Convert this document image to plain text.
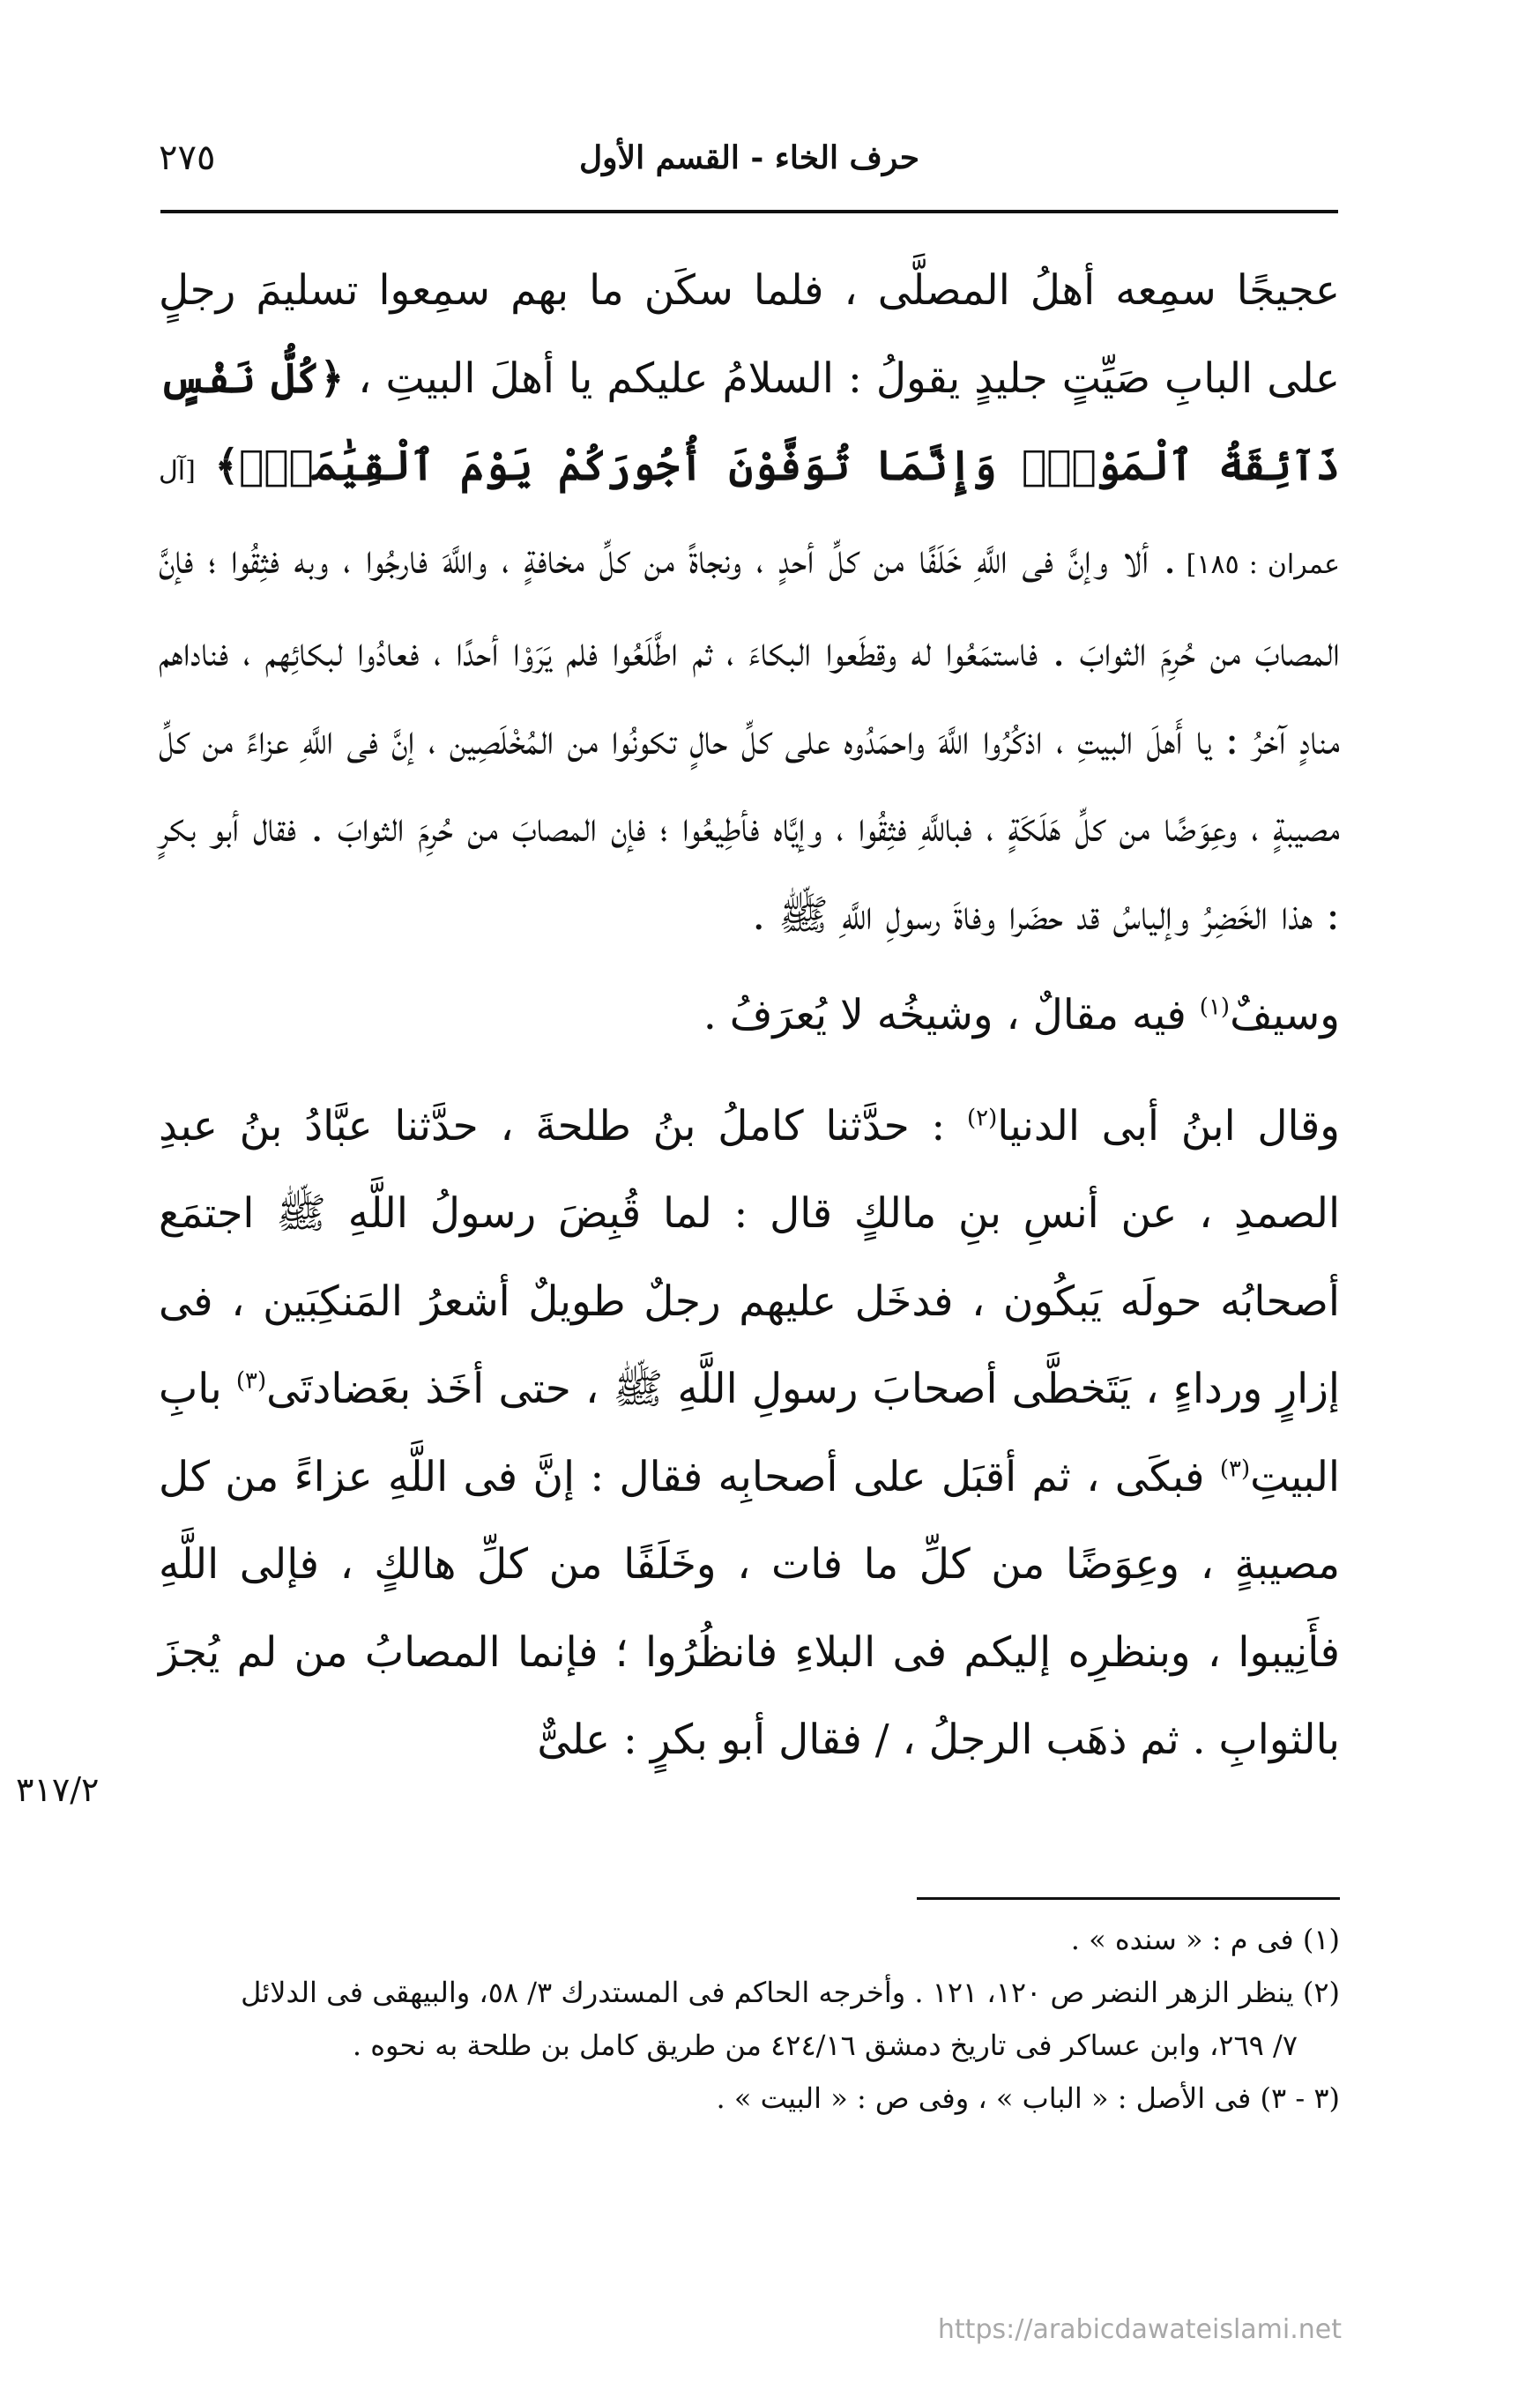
٢٧٥	حرف الخاء - القسم الأول

عجيجًا سمِعه أهلُ المصلَّى ، فلما سكَن ما بهم سمِعوا تسليمَ رجلٍ على البابِ صَيِّتٍ جليدٍ يقولُ : السلامُ عليكم يا أهلَ البيتِ ، ﴿كُلُّ نَفْسٍ ذَآئِقَةُ ٱلْمَوْتِۗ وَإِنَّمَا تُوَفَّوْنَ أُجُورَكُمْ يَوْمَ ٱلْقِيَٰمَةِۖ﴾ [آل عمران : ١٨٥] . ألا وإنَّ فى اللَّهِ خَلَفًا من كلِّ أحدٍ ، ونجاةً من كلِّ مخافةٍ ، واللَّهَ فارجُوا ، وبه فثِقُوا ؛ فإنَّ المصابَ من حُرِمَ الثوابَ . فاستمَعُوا له وقطَعوا البكاءَ ، ثم اطَّلَعُوا فلم يَرَوْا أحدًا ، فعادُوا لبكائِهم ، فناداهم منادٍ آخرُ : يا أَهلَ البيتِ ، اذكُرُوا اللَّهَ واحمَدُوه على كلِّ حالٍ تكونُوا من المُخْلَصِين ، إنَّ فى اللَّهِ عزاءً من كلِّ مصيبةٍ ، وعِوَضًا من كلِّ هَلَكَةٍ ، فباللَّهِ فثِقُوا ، وإيَّاه فأطِيعُوا ؛ فإن المصابَ من حُرِمَ الثوابَ . فقال أبو بكرٍ : هذا الخَضِرُ وإلياسُ قد حضَرا وفاةَ رسولِ اللَّهِ ﷺ .

وسيفٌ$^{(١)}$ فيه مقالٌ ، وشيخُه لا يُعرَفُ .

وقال ابنُ أبى الدنيا$^{(٢)}$ : حدَّثنا كاملُ بنُ طلحةَ ، حدَّثنا عبَّادُ بنُ عبدِ الصمدِ ، عن أنسِ بنِ مالكٍ قال : لما قُبِضَ رسولُ اللَّهِ ﷺ اجتمَع أصحابُه حولَه يَبكُون ، فدخَل عليهم رجلٌ طويلٌ أشعرُ المَنكِبَين ، فى إزارٍ ورداءٍ ، يَتَخطَّى أصحابَ رسولِ اللَّهِ ﷺ ، حتى أخَذ بعَضادتَى$^{(٣)}$ بابِ البيتِ$^{(٣)}$ فبكَى ، ثم أقبَل على أصحابِه فقال : إنَّ فى اللَّهِ عزاءً من كل مصيبةٍ ، وعِوَضًا من كلِّ ما فات ، وخَلَفًا من كلِّ هالكٍ ، فإلى اللَّهِ فأَنِيبوا ، وبنظرِه إليكم فى البلاءِ فانظُرُوا ؛ فإنما المصابُ من لم يُجزَ بالثوابِ . ثم ذهَب الرجلُ ، / فقال أبو بكرٍ : علىٌّ

٣١٧/٢

(١) فى م : « سنده » .

(٢) ينظر الزهر النضر ص ١٢٠، ١٢١ . وأخرجه الحاكم فى المستدرك ٣/ ٥٨، والبيهقى فى الدلائل

٧/ ٢٦٩، وابن عساكر فى تاريخ دمشق ٤٢٤/١٦ من طريق كامل بن طلحة به نحوه .

(٣ - ٣) فى الأصل : « الباب » ، وفى ص : « البيت » .

https://arabicdawateislami.net
